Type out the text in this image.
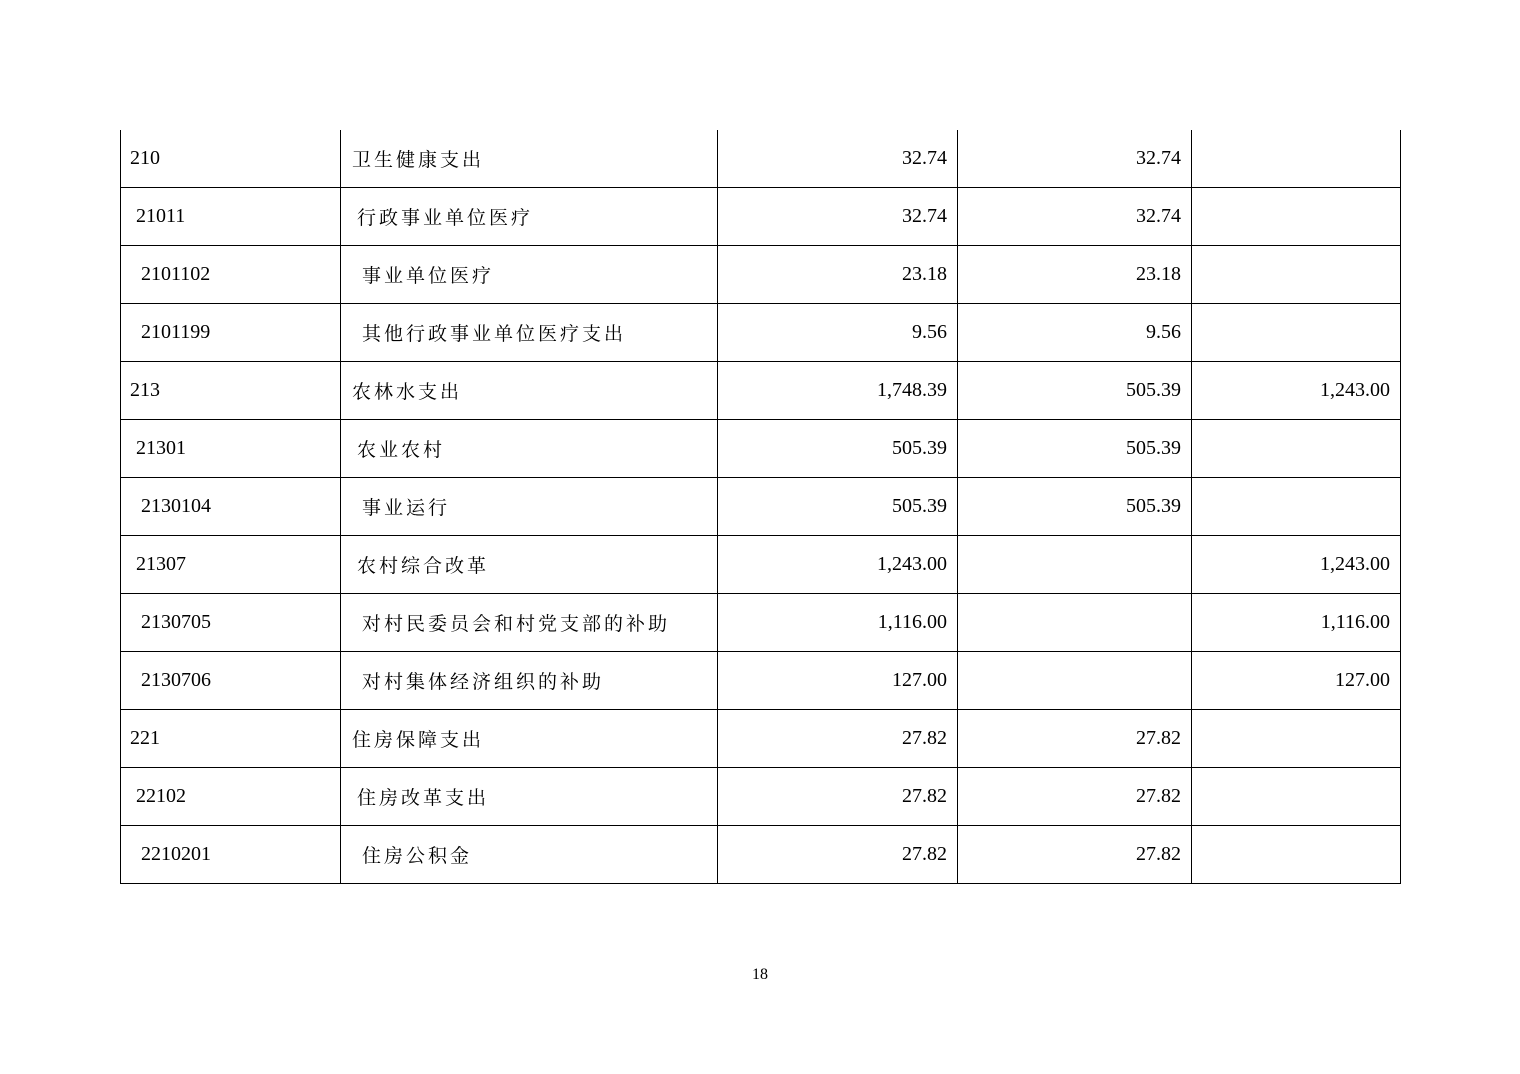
210	卫生健康支出	32.74	32.74	
21011	行政事业单位医疗	32.74	32.74	
2101102	事业单位医疗	23.18	23.18	
2101199	其他行政事业单位医疗支出	9.56	9.56	
213	农林水支出	1,748.39	505.39	1,243.00
21301	农业农村	505.39	505.39	
2130104	事业运行	505.39	505.39	
21307	农村综合改革	1,243.00		1,243.00
2130705	对村民委员会和村党支部的补助	1,116.00		1,116.00
2130706	对村集体经济组织的补助	127.00		127.00
221	住房保障支出	27.82	27.82	
22102	住房改革支出	27.82	27.82	
2210201	住房公积金	27.82	27.82	
18
